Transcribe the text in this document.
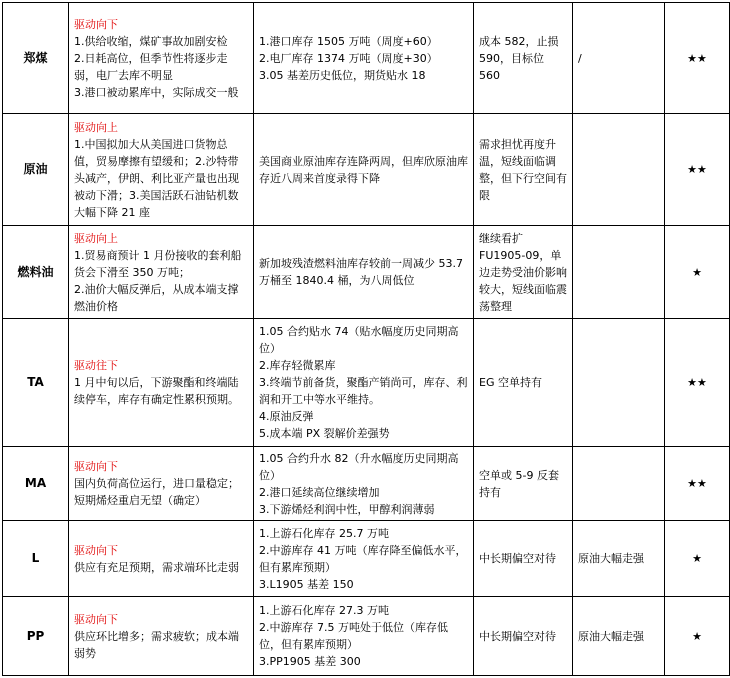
郑煤	驱动向下
1.供给收缩，煤矿事故加剧安检
2.日耗高位，但季节性将逐步走弱，电厂去库不明显
3.港口被动累库中，实际成交一般	1.港口库存 1505 万吨（周度+60）
2.电厂库存 1374 万吨（周度+30）
3.05 基差历史低位，期货贴水 18	成本 582，止损 590，目标位 560	/	★★
原油	驱动向上
1.中国拟加大从美国进口货物总值，贸易摩擦有望缓和；2.沙特带头减产，伊朗、利比亚产量也出现被动下滑；3.美国活跃石油钻机数大幅下降 21 座	美国商业原油库存连降两周，但库欣原油库存近八周来首度录得下降	需求担忧再度升温，短线面临调整，但下行空间有限		★★
燃料油	驱动向上
1.贸易商预计 1 月份接收的套利船货会下滑至 350 万吨；
2.油价大幅反弹后，从成本端支撑燃油价格	新加坡残渣燃料油库存较前一周减少 53.7 万桶至 1840.4 桶，为八周低位	继续看扩 FU1905-09，单边走势受油价影响较大，短线面临震荡整理		★
TA	驱动往下
1 月中旬以后，下游聚酯和终端陆续停车，库存有确定性累积预期。	1.05 合约贴水 74（贴水幅度历史同期高位）
2.库存轻微累库
3.终端节前备货，聚酯产销尚可，库存、利润和开工中等水平维持。
4.原油反弹
5.成本端 PX 裂解价差强势	EG 空单持有		★★
MA	驱动向下
国内负荷高位运行，进口量稳定；短期烯烃重启无望（确定）	1.05 合约升水 82（升水幅度历史同期高位）
2.港口延续高位继续增加
3.下游烯烃利润中性，甲醇利润薄弱	空单或 5-9 反套持有		★★
L	驱动向下
供应有充足预期，需求端环比走弱	1.上游石化库存 25.7 万吨
2.中游库存 41 万吨（库存降至偏低水平，但有累库预期）
3.L1905 基差 150	中长期偏空对待	原油大幅走强	★
PP	驱动向下
供应环比增多；需求疲软；成本端弱势	1.上游石化库存 27.3 万吨
2.中游库存 7.5 万吨处于低位（库存低位，但有累库预期）
3.PP1905 基差 300	中长期偏空对待	原油大幅走强	★
